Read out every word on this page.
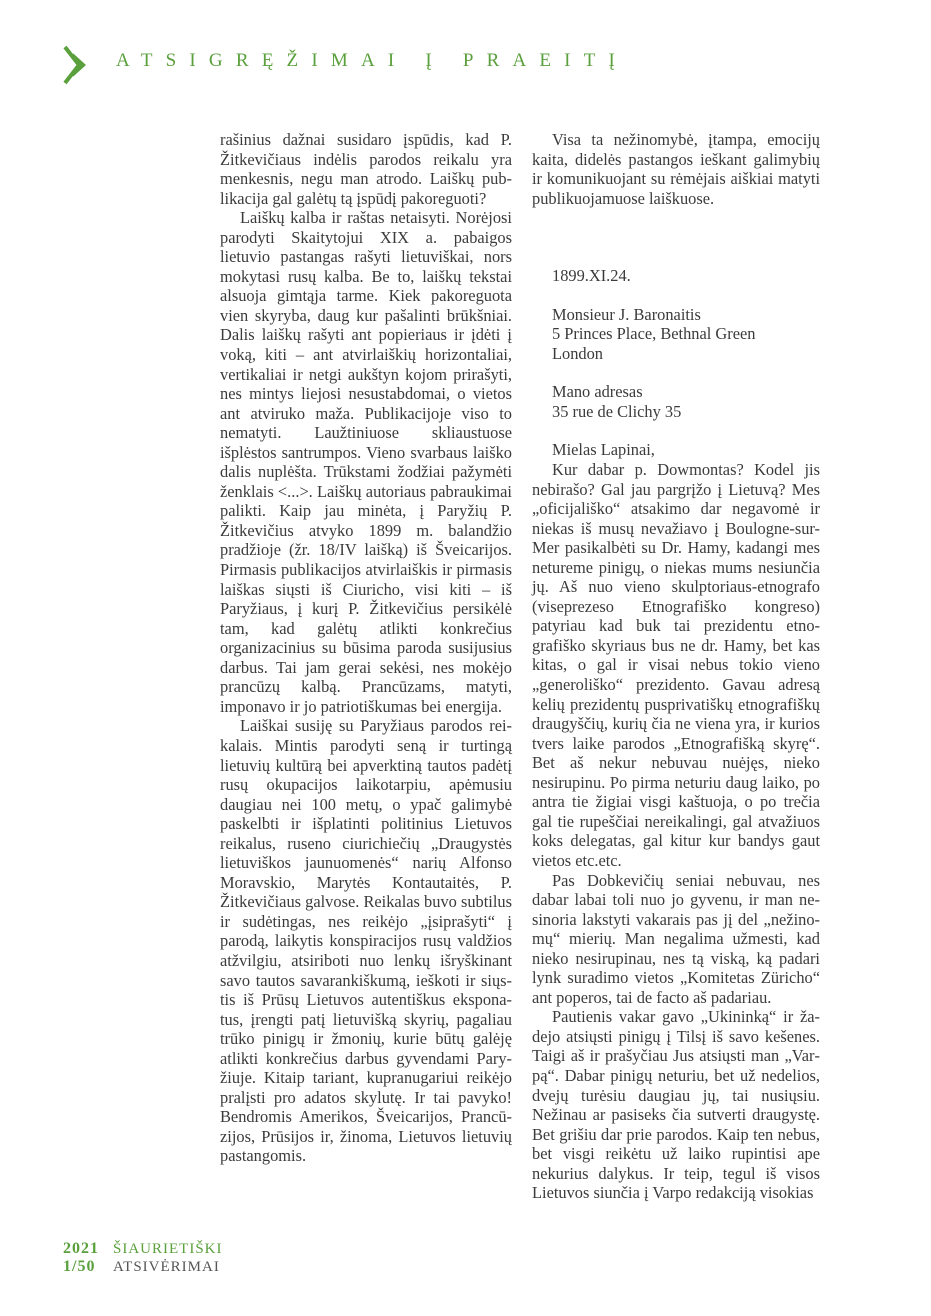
ATSIGRĘŽIMAI Į PRAEITĮ

rašinius dažnai susidaro įspūdis, kad P. Žitkevičiaus indėlis parodos reikalu yra menkesnis, negu man atrodo. Laiškų publikacija gal galėtų tą įspūdį pakoreguoti?

Laiškų kalba ir raštas netaisyti. Norėjosi parodyti Skaitytojui XIX a. pabaigos lietuvio pastangas rašyti lietuviškai, nors mokytasi rusų kalba. Be to, laiškų tekstai alsuoja gimtąja tarme. Kiek pakoreguota vien skyryba, daug kur pašalinti brūkšniai. Dalis laiškų rašyti ant popieriaus ir įdėti į voką, kiti – ant atvirlaiškių horizontaliai, vertikaliai ir netgi aukštyn kojom prirašyti, nes mintys liejosi nesustabdomai, o vietos ant atviruko maža. Publikacijoje viso to nematyti. Laužtiniuose skliaustuose išplėstos santrumpos. Vieno svarbaus laiško dalis nuplėšta. Trūkstami žodžiai pažymėti ženklais <...>. Laiškų autoriaus pabraukimai palikti. Kaip jau minėta, į Paryžių P. Žitkevičius atvyko 1899 m. balandžio pradžioje (žr. 18/IV laišką) iš Šveicarijos. Pirmasis publikacijos atvirlaiškis ir pirmasis laiškas siųsti iš Ciuricho, visi kiti – iš Paryžiaus, į kurį P. Žitkevičius persikėlė tam, kad galėtų atlikti konkrečius organizacinius su būsima paroda susijusius darbus. Tai jam gerai sekėsi, nes mokėjo prancūzų kalbą. Prancūzams, matyti, imponavo ir jo patriotiškumas bei energija.

Laiškai susiję su Paryžiaus parodos reikalais. Mintis parodyti seną ir turtingą lietuvių kultūrą bei apverktiną tautos padėtį rusų okupacijos laikotarpiu, apėmusiu daugiau nei 100 metų, o ypač galimybė paskelbti ir išplatinti politinius Lietuvos reikalus, ruseno ciurichiečių „Draugystės lietuviškos jaunuomenės“ narių Alfonso Moravskio, Marytės Kontautaitės, P. Žitkevičiaus galvose. Reikalas buvo subtilus ir sudėtingas, nes reikėjo „įsiprašyti“ į parodą, laikytis konspiracijos rusų valdžios atžvilgiu, atsiriboti nuo lenkų išryškinant savo tautos savarankiškumą, ieškoti ir siųstis iš Prūsų Lietuvos autentiškus eksponatus, įrengti patį lietuvišką skyrių, pagaliau trūko pinigų ir žmonių, kurie būtų galėję atlikti konkrečius darbus gyvendami Paryžiuje. Kitaip tariant, kupranugariui reikėjo pralįsti pro adatos skylutę. Ir tai pavyko! Bendromis Amerikos, Šveicarijos, Prancūzijos, Prūsijos ir, žinoma, Lietuvos lietuvių pastangomis.

Visa ta nežinomybė, įtampa, emocijų kaita, didelės pastangos ieškant galimybių ir komunikuojant su rėmėjais aiškiai matyti publikuojamuose laiškuose.

1899.XI.24.

Monsieur J. Baronaitis

5 Princes Place, Bethnal Green

London

Mano adresas

35 rue de Clichy 35

Mielas Lapinai,

Kur dabar p. Dowmontas? Kodel jis nebirašo? Gal jau pargrįžo į Lietuvą? Mes „oficijališko“ atsakimo dar negavomė ir niekas iš musų nevažiavo į Boulogne-sur-Mer pasikalbėti su Dr. Hamy, kadangi mes netureme pinigų, o niekas mums nesiunčia jų. Aš nuo vieno skulptoriaus-etnografo (viseprezeso Etnografiško kongreso) patyriau kad buk tai prezidentu etnografiško skyriaus bus ne dr. Hamy, bet kas kitas, o gal ir visai nebus tokio vieno „generoliško“ prezidento. Gavau adresą kelių prezidentų pusprivatiškų etnografiškų draugyščių, kurių čia ne viena yra, ir kurios tvers laike parodos „Etnografišką skyrę“. Bet aš nekur nebuvau nuėjęs, nieko nesirupinu. Po pirma neturiu daug laiko, po antra tie žigiai visgi kaštuoja, o po trečia gal tie rupeščiai nereikalingi, gal atvažiuos koks delegatas, gal kitur kur bandys gaut vietos etc.etc.

Pas Dobkevičių seniai nebuvau, nes dabar labai toli nuo jo gyvenu, ir man nesinoria lakstyti vakarais pas jį del „nežinomų“ mierių. Man negalima užmesti, kad nieko nesirupinau, nes tą viską, ką padari lynk suradimo vietos „Komitetas Züricho“ ant poperos, tai de facto aš padariau.

Pautienis vakar gavo „Ukininką“ ir žadejo atsiųsti pinigų į Tilsį iš savo kešenes. Taigi aš ir prašyčiau Jus atsiųsti man „Varpą“. Dabar pinigų neturiu, bet už nedelios, dvejų turėsiu daugiau jų, tai nusiųsiu. Nežinau ar pasiseks čia sutverti draugystę. Bet grišiu dar prie parodos. Kaip ten nebus, bet visgi reikėtu už laiko rupintisi ape nekurius dalykus. Ir teip, tegul iš visos Lietuvos siunčia į Varpo redakciją visokias

2021 ŠIAURIETIŠKI
1/50	ATSIVĖRIMAI
